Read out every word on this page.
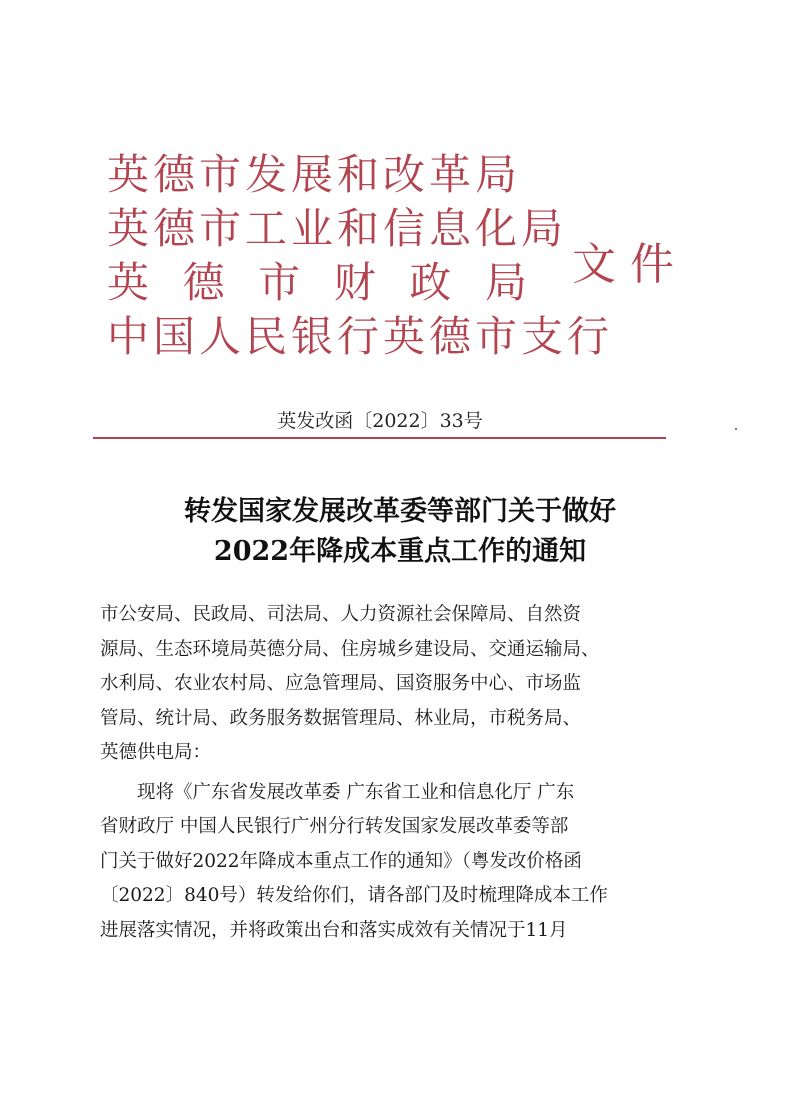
英德市发展和改革局
英德市工业和信息化局
英 德 市 财 政 局
中国人民银行英德市支行
文件
英发改函〔2022〕33号
转发国家发展改革委等部门关于做好
2022年降成本重点工作的通知
市公安局、民政局、司法局、人力资源社会保障局、自然资
源局、生态环境局英德分局、住房城乡建设局、交通运输局、
水利局、农业农村局、应急管理局、国资服务中心、市场监
管局、统计局、政务服务数据管理局、林业局，市税务局、
英德供电局：
　　现将《广东省发展改革委 广东省工业和信息化厅 广东
省财政厅 中国人民银行广州分行转发国家发展改革委等部
门关于做好2022年降成本重点工作的通知》（粤发改价格函
〔2022〕840号）转发给你们，请各部门及时梳理降成本工作
进展落实情况，并将政策出台和落实成效有关情况于11月
